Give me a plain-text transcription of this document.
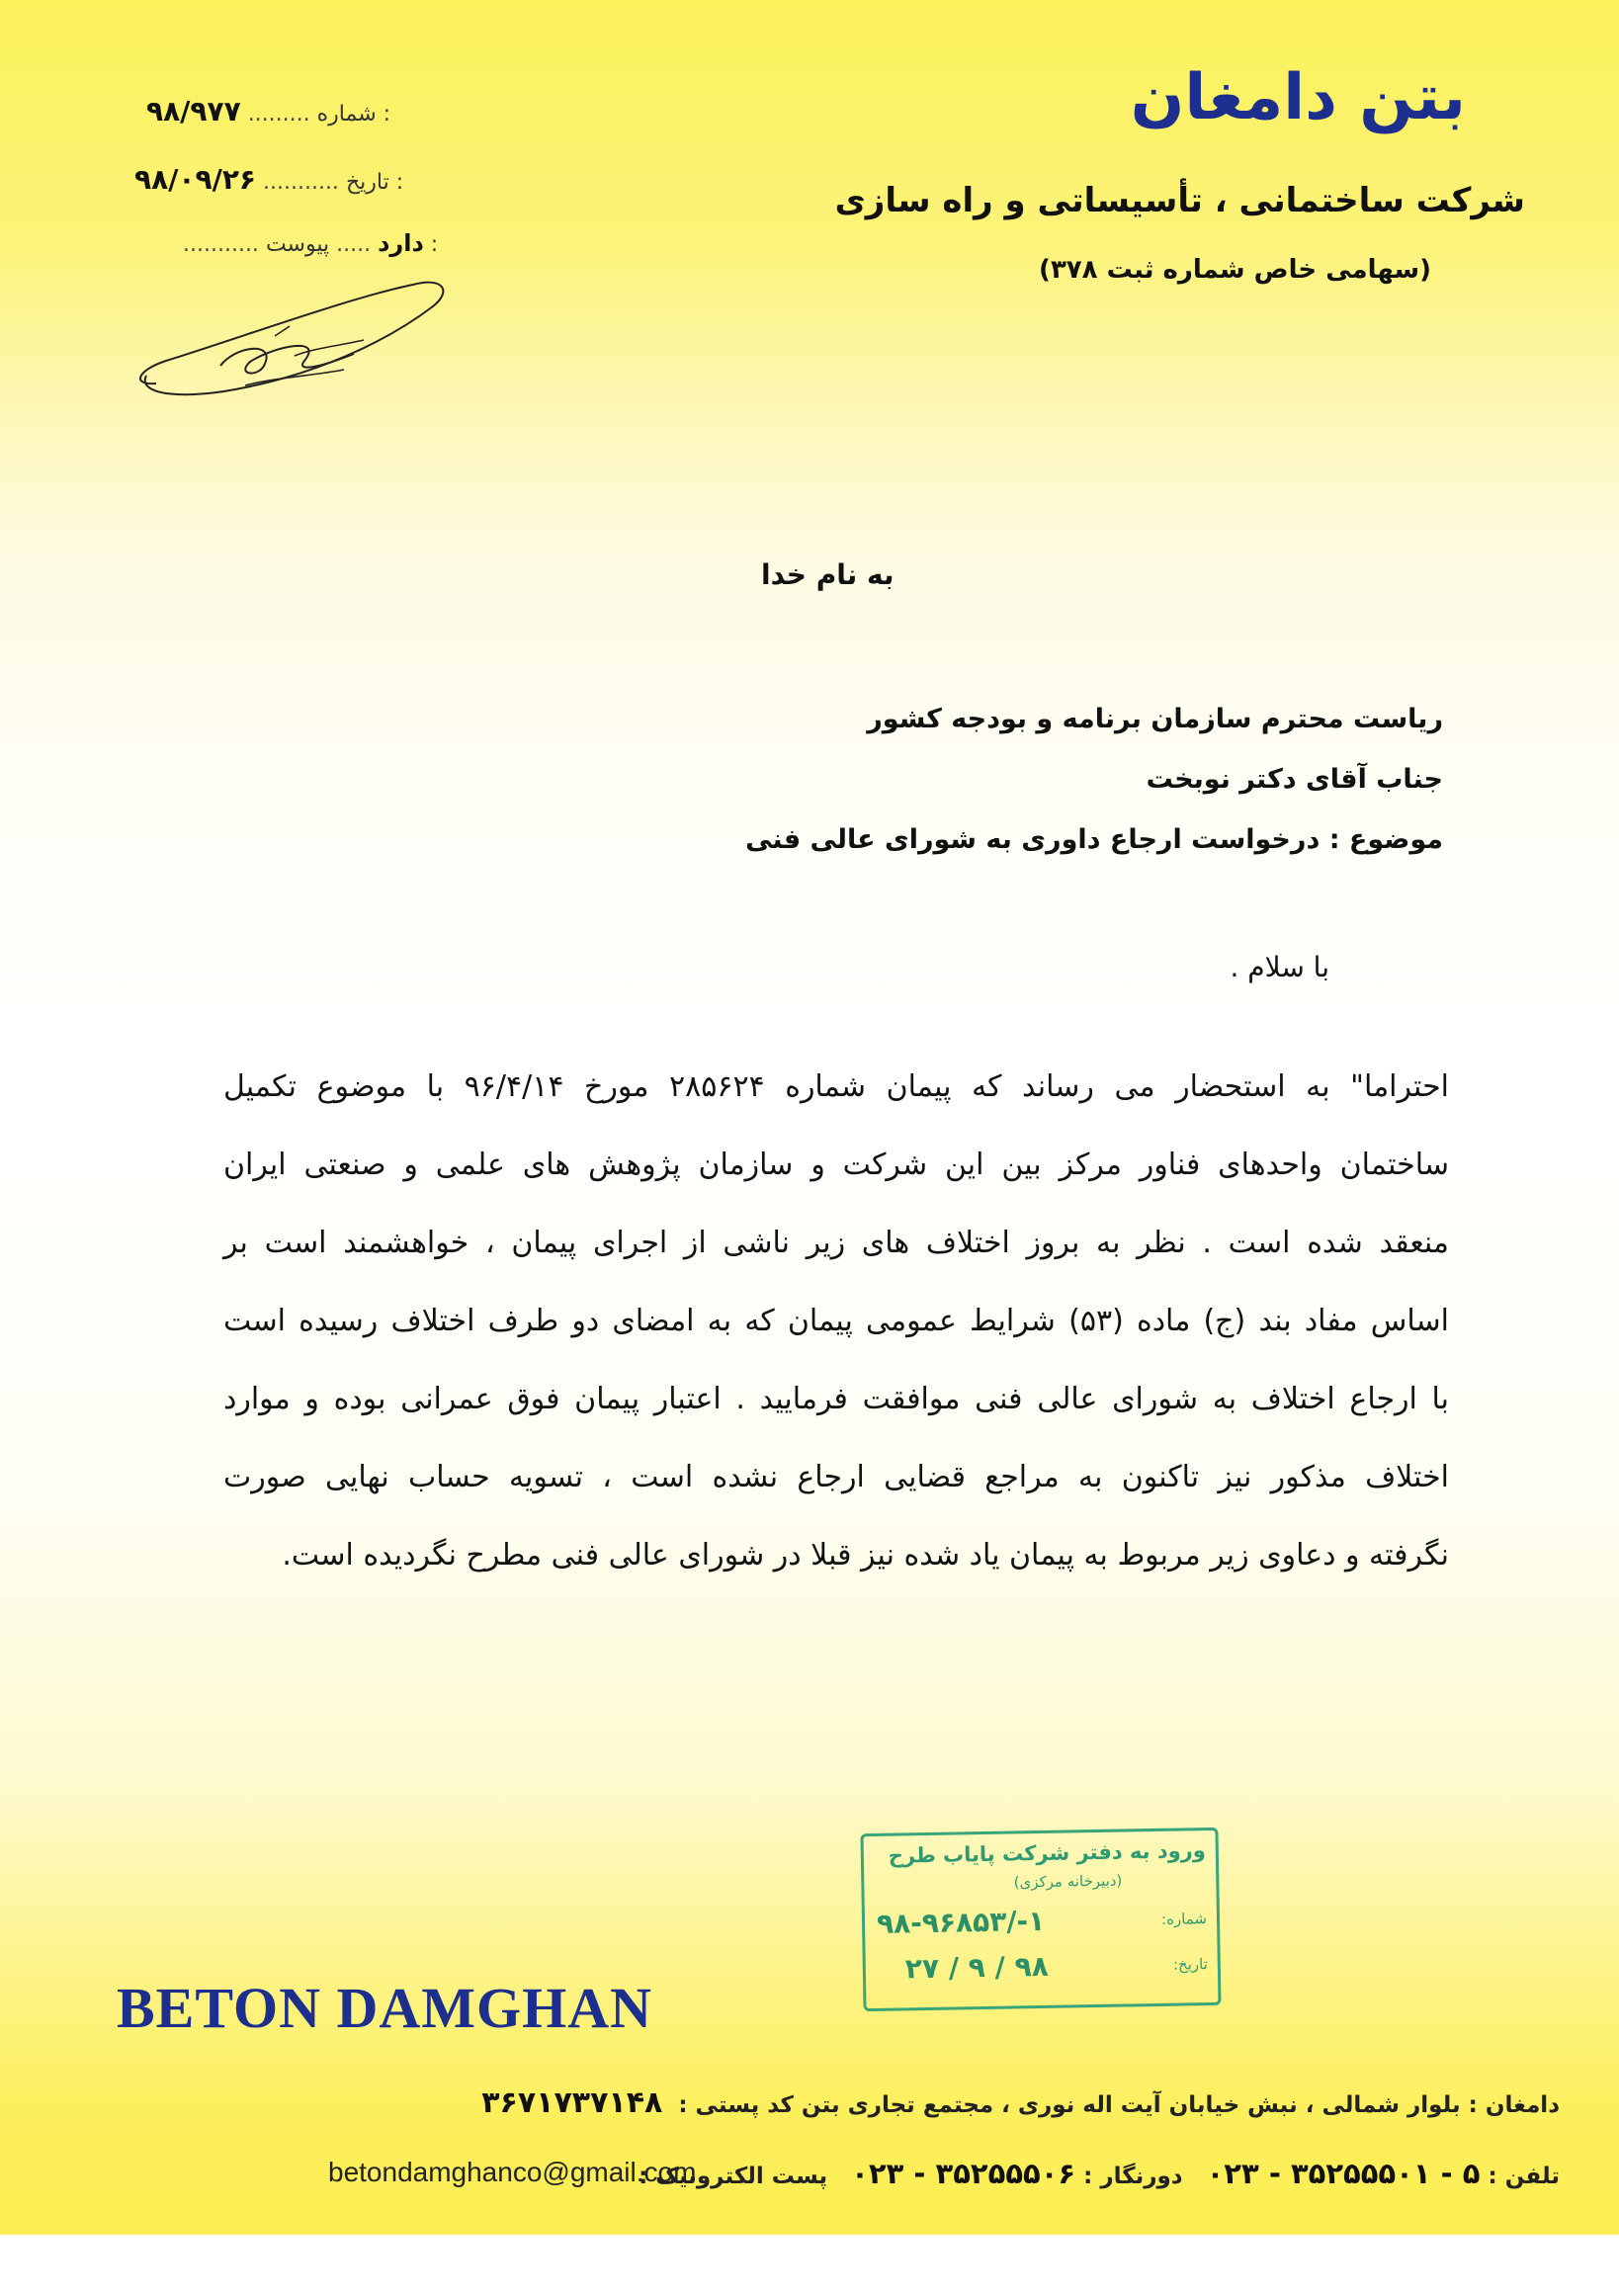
بتن دامغان
شرکت ساختمانی ، تأسیساتی و راه سازی
(سهامی خاص شماره ثبت ۳۷۸)
۹۸/۹۷۷ ......... شماره :
۹۸/۰۹/۲۶ ........... تاریخ :
...........	دارد ..... پیوست :
به نام خدا
ریاست محترم سازمان برنامه و بودجه کشور
جناب آقای دکتر نوبخت
موضوع : درخواست ارجاع داوری به شورای عالی فنی
با سلام .
احتراما" به استحضار می رساند که پیمان شماره ۲۸۵۶۲۴ مورخ ۹۶/۴/۱۴ با موضوع تکمیل
ساختمان واحدهای فناور مرکز بین این شرکت و سازمان پژوهش های علمی و صنعتی ایران
منعقد شده است . نظر به بروز اختلاف های زیر ناشی از اجرای پیمان ، خواهشمند است بر
اساس مفاد بند (ج) ماده (۵۳) شرایط عمومی پیمان که به امضای دو طرف اختلاف رسیده است
با ارجاع اختلاف به شورای عالی فنی موافقت فرمایید . اعتبار پیمان فوق عمرانی بوده و موارد
اختلاف مذکور نیز تاکنون به مراجع قضایی ارجاع نشده است ، تسویه حساب نهایی صورت
نگرفته و دعاوی زیر مربوط به پیمان یاد شده نیز قبلا در شورای عالی فنی مطرح نگردیده است.
ورود به دفتر شرکت پایاب طرح
(دبیرخانه مرکزی)
شماره:
۱-/۹۸-۹۶۸۵۳
تاریخ:
۹۸ / ۹ / ۲۷
BETON DAMGHAN
دامغان : بلوار شمالی ، نبش خیابان آیت اله نوری ، مجتمع تجاری بتن کد پستی : ۳۶۷۱۷۳۷۱۴۸
تلفن : ۵ - ۳۵۲۵۵۵۰۱ - ۰۲۳   دورنگار : ۳۵۲۵۵۵۰۶ - ۰۲۳   پست الکترونیک :
betondamghanco@gmail.com
